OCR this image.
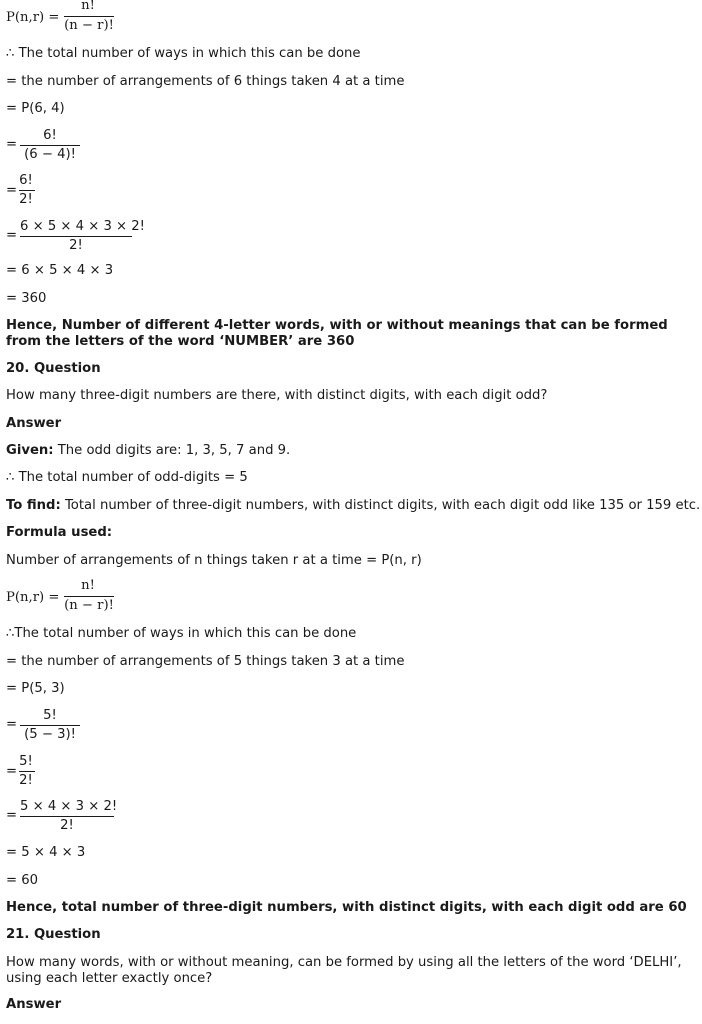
P(n,r) =
n!
(n − r)!
∴ The total number of ways in which this can be done
= the number of arrangements of 6 things taken 4 at a time
= P(6, 4)
=
6!
(6 − 4)!
=
6!
2!
=
6 × 5 × 4 × 3 × 2!
2!
= 6 × 5 × 4 × 3
= 360
Hence, Number of different 4-letter words, with or without meanings that can be formed from the letters of the word ‘NUMBER’ are 360
20. Question
How many three-digit numbers are there, with distinct digits, with each digit odd?
Answer
Given: The odd digits are: 1, 3, 5, 7 and 9.
∴ The total number of odd-digits = 5
To find: Total number of three-digit numbers, with distinct digits, with each digit odd like 135 or 159 etc.
Formula used:
Number of arrangements of n things taken r at a time = P(n, r)
P(n,r) =
n!
(n − r)!
∴The total number of ways in which this can be done
= the number of arrangements of 5 things taken 3 at a time
= P(5, 3)
=
5!
(5 − 3)!
=
5!
2!
=
5 × 4 × 3 × 2!
2!
= 5 × 4 × 3
= 60
Hence, total number of three-digit numbers, with distinct digits, with each digit odd are 60
21. Question
How many words, with or without meaning, can be formed by using all the letters of the word ‘DELHI’, using each letter exactly once?
Answer
